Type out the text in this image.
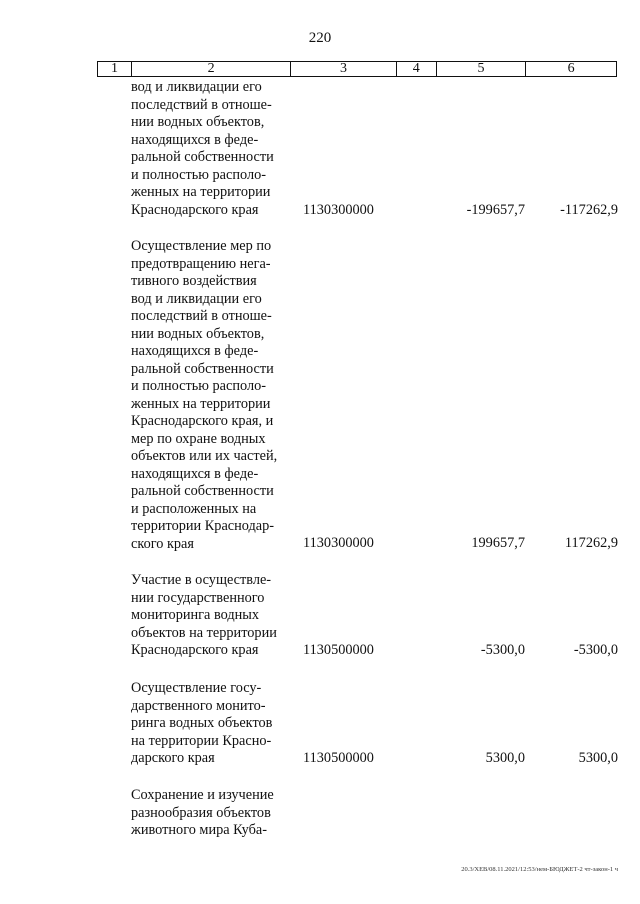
220
1	2	3	4	5	6
вод и ликвидации его
последствий в отноше-
нии водных объектов,
находящихся в феде-
ральной собственности
и полностью располо-
женных на территории
Краснодарского края	1130300000	-199657,7 -117262,9
Осуществление мер по
предотвращению нега-
тивного воздействия
вод и ликвидации его
последствий в отноше-
нии водных объектов,
находящихся в феде-
ральной собственности
и полностью располо-
женных на территории
Краснодарского края, и
мер по охране водных
объектов или их частей,
находящихся в феде-
ральной собственности
и расположенных на
территории Краснодар-
ского края	1130300000	199657,7	117262,9
Участие в осуществле-
нии государственного
мониторинга водных
объектов на территории
Краснодарского края	1130500000	-5300,0	-5300,0
Осуществление госу-
дарственного монито-
ринга водных объектов
на территории Красно-
дарского края	1130500000	5300,0	5300,0
Сохранение и изучение
разнообразия объектов
животного мира Куба-
20.3/ХЕВ/08.11.2021/12:53/нем-БЮДЖЕТ-2 чт-закон-1 ч
